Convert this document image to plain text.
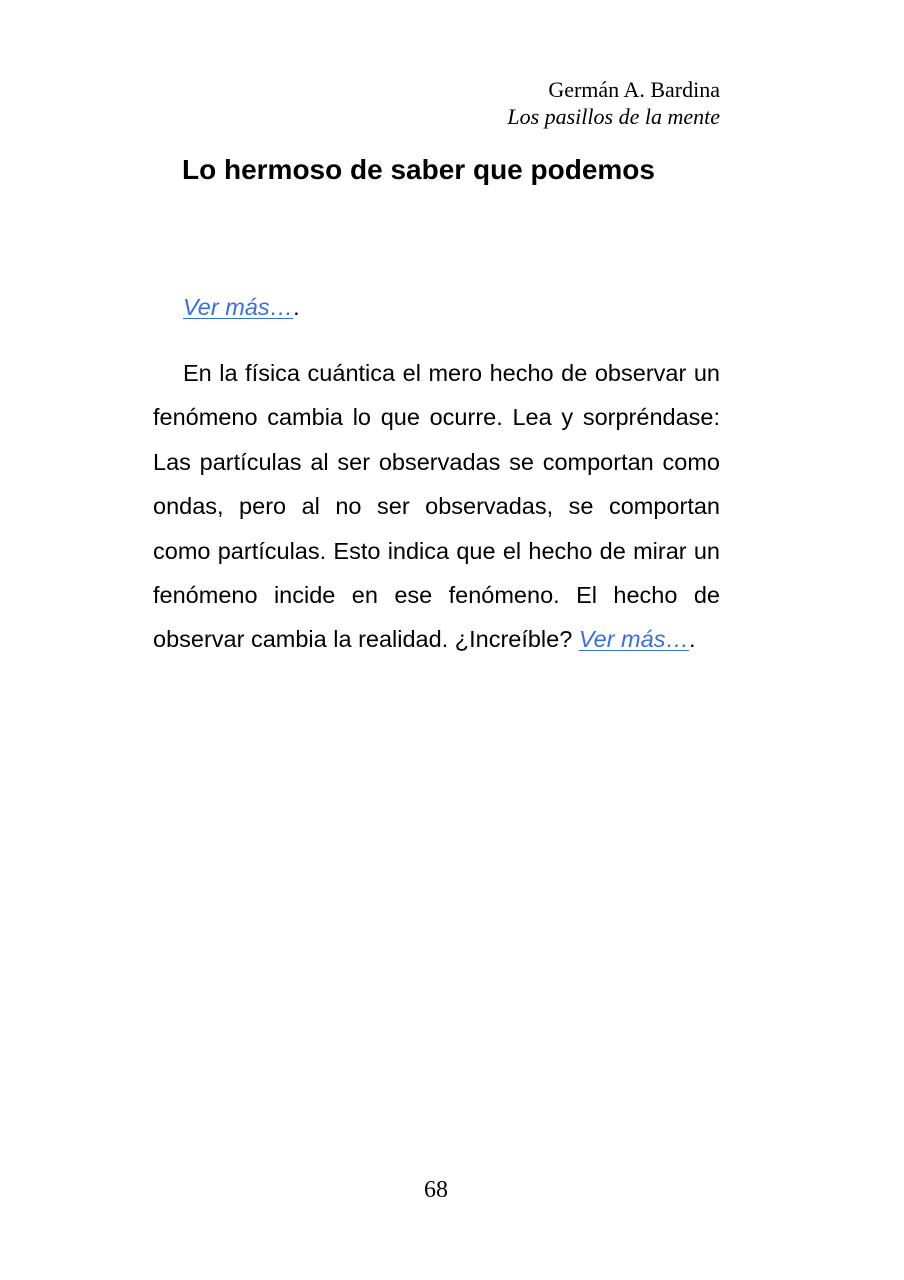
Germán A. Bardina
Los pasillos de la mente
Lo hermoso de saber que podemos
Ver más….
En la física cuántica el mero hecho de observar un fenómeno cambia lo que ocurre. Lea y sorpréndase: Las partículas al ser observadas se comportan como ondas, pero al no ser observadas, se comportan como partículas. Esto indica que el hecho de mirar un fenómeno incide en ese fenómeno. El hecho de observar cambia la realidad. ¿Increíble? Ver más….
68
